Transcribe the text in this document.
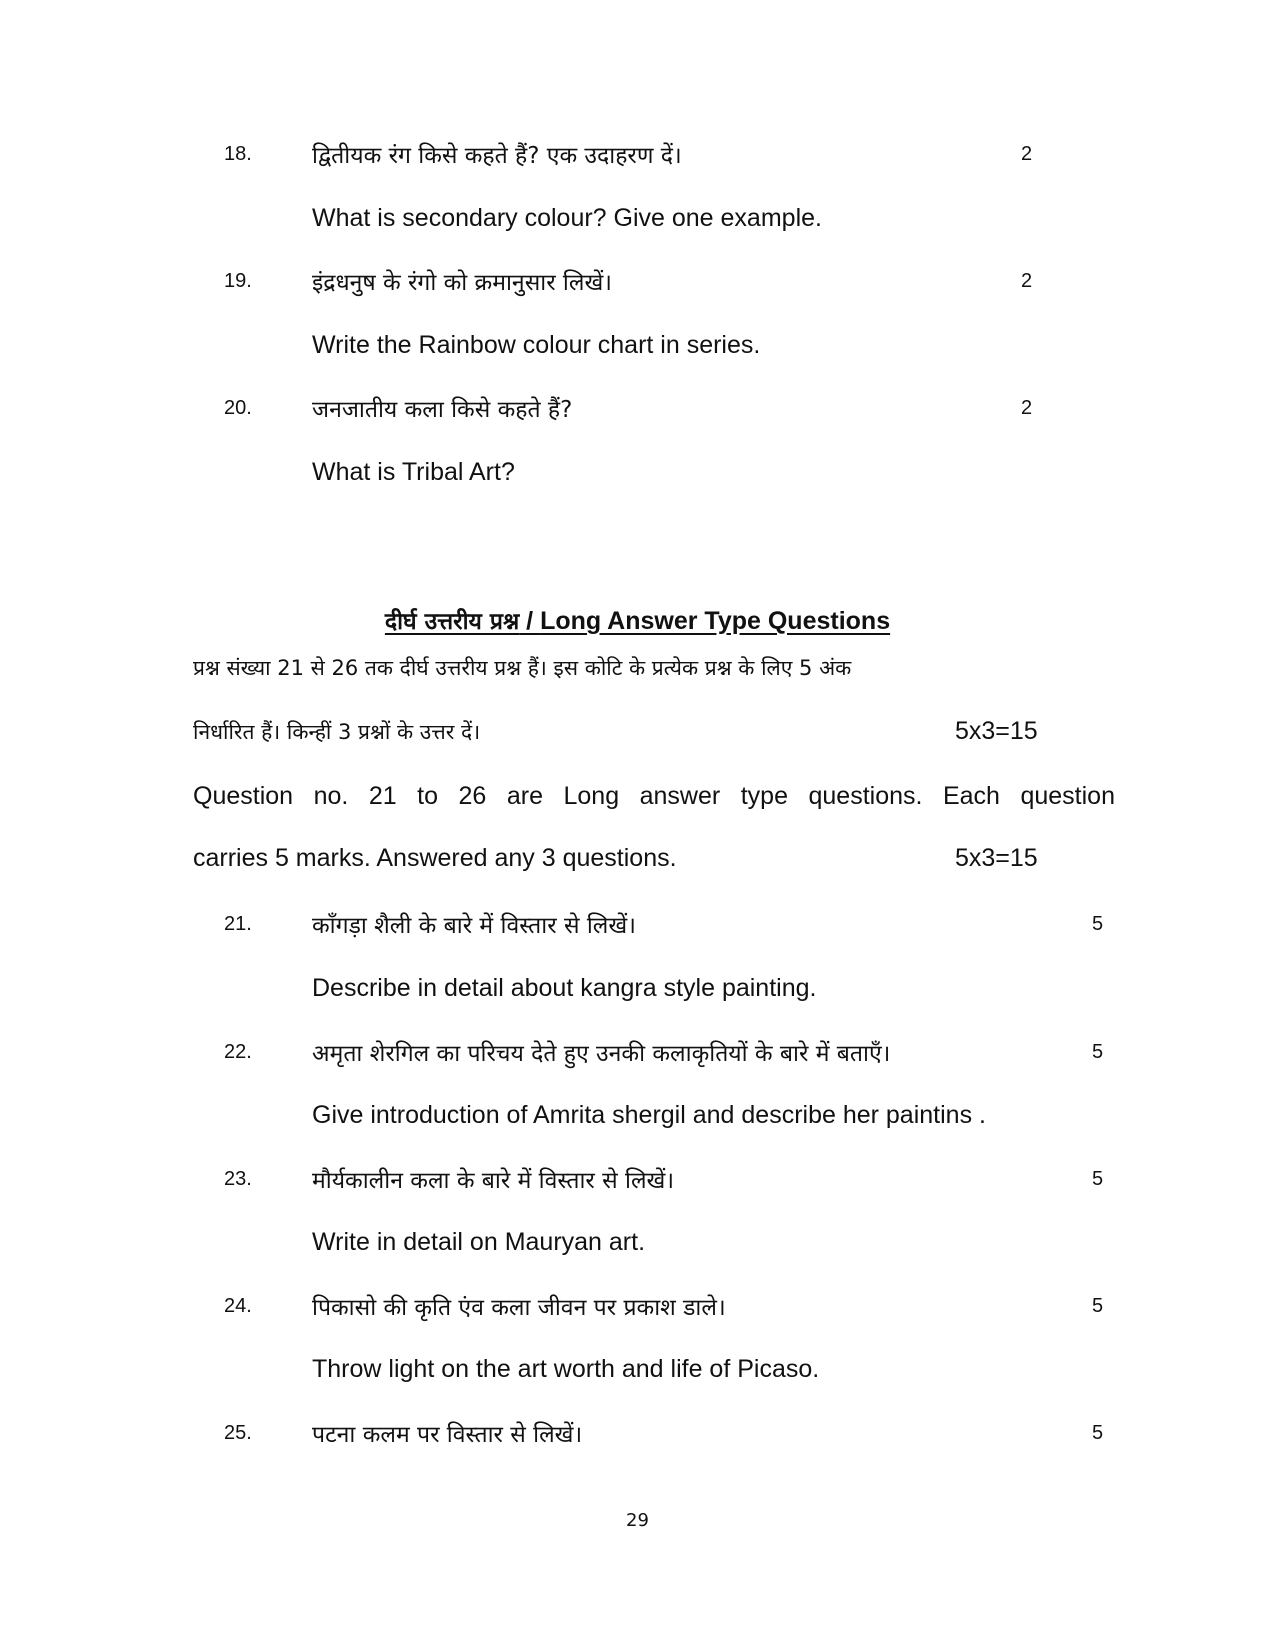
18.	द्वितीयक रंग किसे कहते हैं? एक उदाहरण दें।	2
What is secondary colour? Give one example.
19.	इंद्रधनुष के रंगो को क्रमानुसार लिखें।	2
Write the Rainbow colour chart in series.
20.	जनजातीय कला किसे कहते हैं?	2
What is Tribal Art?
दीर्घ उत्तरीय प्रश्न / Long Answer Type Questions
प्रश्न संख्या 21 से 26 तक दीर्घ उत्तरीय प्रश्न हैं। इस कोटि के प्रत्येक प्रश्न के लिए 5 अंक
निर्धारित हैं। किन्हीं 3 प्रश्नों के उत्तर दें।	5x3=15
Question no. 21 to 26 are Long answer type questions. Each question
carries 5 marks. Answered any 3 questions.	5x3=15
21.	काँगड़ा शैली के बारे में विस्तार से लिखें।	5
Describe in detail about kangra style painting.
22.	अमृता शेरगिल का परिचय देते हुए उनकी कलाकृतियों के बारे में बताएँ।	5
Give introduction of Amrita shergil and describe her paintins .
23.	मौर्यकालीन कला के बारे में विस्तार से लिखें।	5
Write in detail on Mauryan art.
24.	पिकासो की कृति एंव कला जीवन पर प्रकाश डाले।	5
Throw light on the art worth and life of Picaso.
25.	पटना कलम पर विस्तार से लिखें।	5
29
